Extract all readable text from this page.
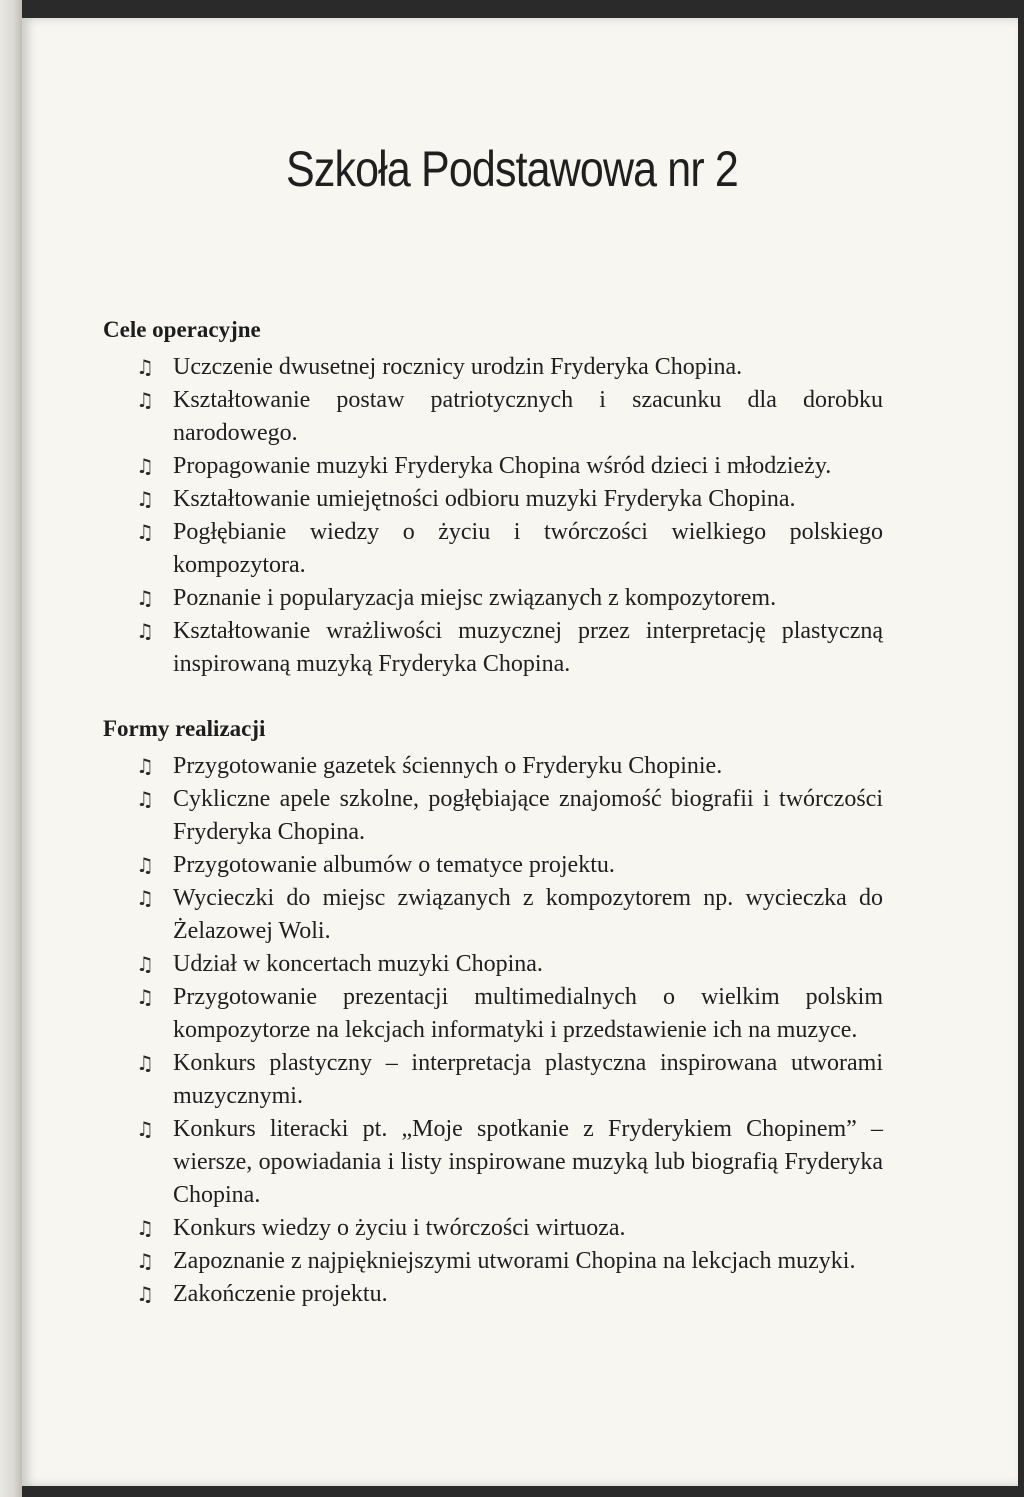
Szkoła Podstawowa nr 2
Cele operacyjne
♫ Uczczenie dwusetnej rocznicy urodzin Fryderyka Chopina.
♫ Kształtowanie postaw patriotycznych i szacunku dla dorobku narodowego.
♫ Propagowanie muzyki Fryderyka Chopina wśród dzieci i młodzieży.
♫ Kształtowanie umiejętności odbioru muzyki Fryderyka Chopina.
♫ Pogłębianie wiedzy o życiu i twórczości wielkiego polskiego kompozytora.
♫ Poznanie i popularyzacja miejsc związanych z kompozytorem.
♫ Kształtowanie wrażliwości muzycznej przez interpretację plastyczną inspirowaną muzyką Fryderyka Chopina.
Formy realizacji
♫ Przygotowanie gazetek ściennych o Fryderyku Chopinie.
♫ Cykliczne apele szkolne, pogłębiające znajomość biografii i twórczości Fryderyka Chopina.
♫ Przygotowanie albumów o tematyce projektu.
♫ Wycieczki do miejsc związanych z kompozytorem np. wycieczka do Żelazowej Woli.
♫ Udział w koncertach muzyki Chopina.
♫ Przygotowanie prezentacji multimedialnych o wielkim polskim kompozytorze na lekcjach informatyki i przedstawienie ich na muzyce.
♫ Konkurs plastyczny – interpretacja plastyczna inspirowana utworami muzycznymi.
♫ Konkurs literacki pt. „Moje spotkanie z Fryderykiem Chopinem” – wiersze, opowiadania i listy inspirowane muzyką lub biografią Fryderyka Chopina.
♫ Konkurs wiedzy o życiu i twórczości wirtuoza.
♫ Zapoznanie z najpiękniejszymi utworami Chopina na lekcjach muzyki.
♫ Zakończenie projektu.
